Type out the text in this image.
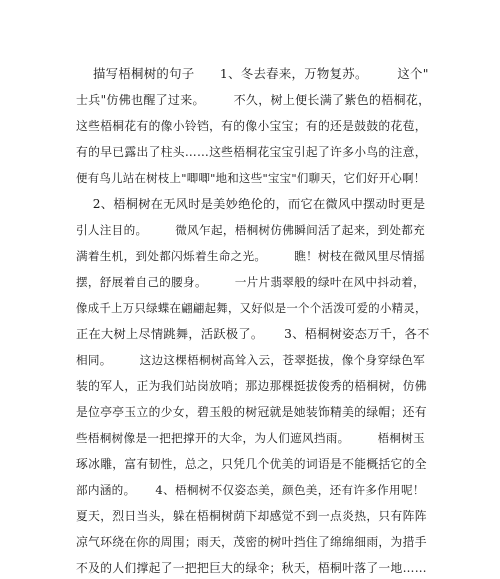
描写梧桐树的句子      1、冬去春来，万物复苏。       这个"
士兵"仿佛也醒了过来。       不久，树上便长满了紫色的梧桐花，
这些梧桐花有的像小铃铛，有的像小宝宝；有的还是鼓鼓的花苞，
有的早已露出了柱头……这些梧桐花宝宝引起了许多小鸟的注意，
便有鸟儿站在树枝上"唧唧"地和这些"宝宝"们聊天，它们好开心啊！
2、梧桐树在无风时是美妙绝伦的，而它在微风中摆动时更是
引人注目的。       微风乍起，梧桐树仿佛瞬间活了起来，到处都充
满着生机，到处都闪烁着生命之光。       瞧！树枝在微风里尽情摇
摆，舒展着自己的腰身。       一片片翡翠般的绿叶在风中抖动着，
像成千上万只绿蝶在翩翩起舞，又好似是一个个活泼可爱的小精灵，
正在大树上尽情跳舞，活跃极了。     3、梧桐树姿态万千，各不
相同。       这边这棵梧桐树高耸入云，苍翠挺拔，像个身穿绿色军
装的军人，正为我们站岗放哨；那边那棵挺拔俊秀的梧桐树，仿佛
是位亭亭玉立的少女，碧玉般的树冠就是她装饰精美的绿帽；还有
些梧桐树像是一把把撑开的大伞，为人们遮风挡雨。       梧桐树玉
琢冰雕，富有韧性，总之，只凭几个优美的词语是不能概括它的全
部内涵的。     4、梧桐树不仅姿态美，颜色美，还有许多作用呢！
夏天，烈日当头，躲在梧桐树荫下却感觉不到一点炎热，只有阵阵
凉气环绕在你的周围；雨天，茂密的树叶挡住了绵绵细雨，为措手
不及的人们撑起了一把把巨大的绿伞；秋天，梧桐叶落了一地……
